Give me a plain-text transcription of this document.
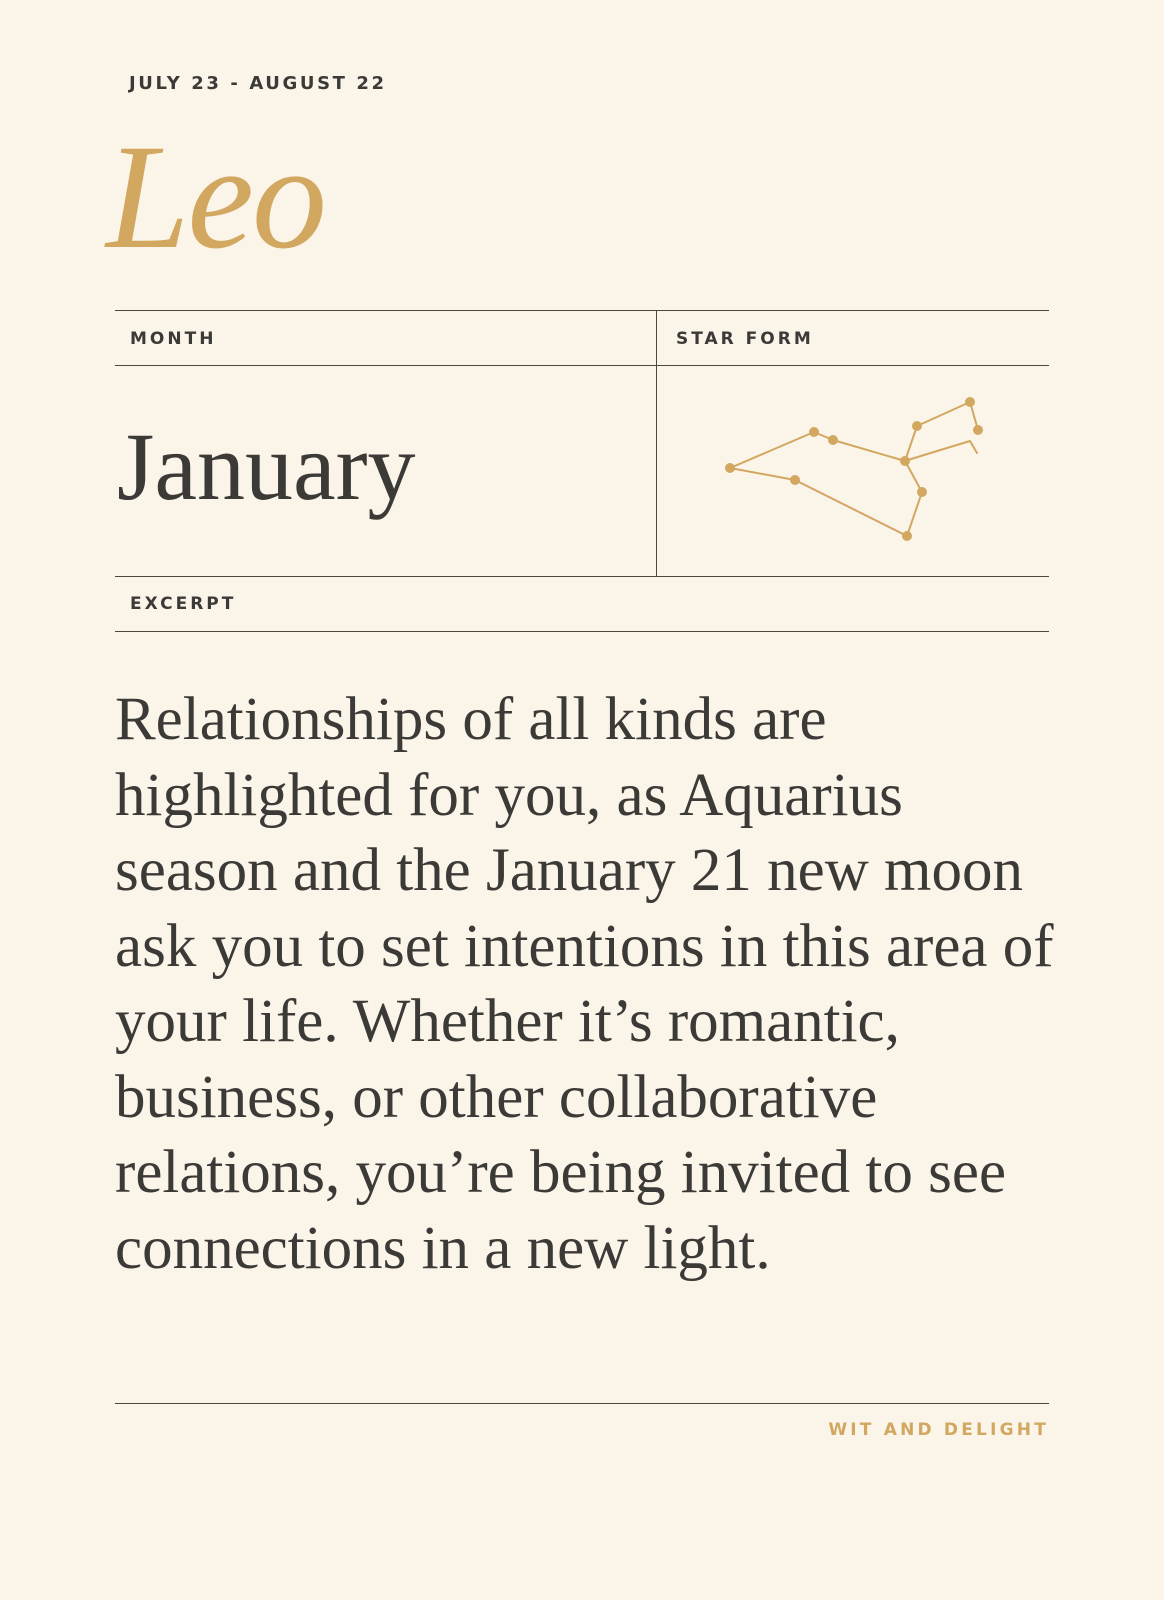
JULY 23 - AUGUST 22
Leo
MONTH	STAR FORM
January
EXCERPT

Relationships of all kinds are highlighted for you, as Aquarius season and the January 21 new moon ask you to set intentions in this area of your life. Whether it’s romantic, business, or other collaborative relations, you’re being invited to see connections in a new light.

WIT AND DELIGHT
